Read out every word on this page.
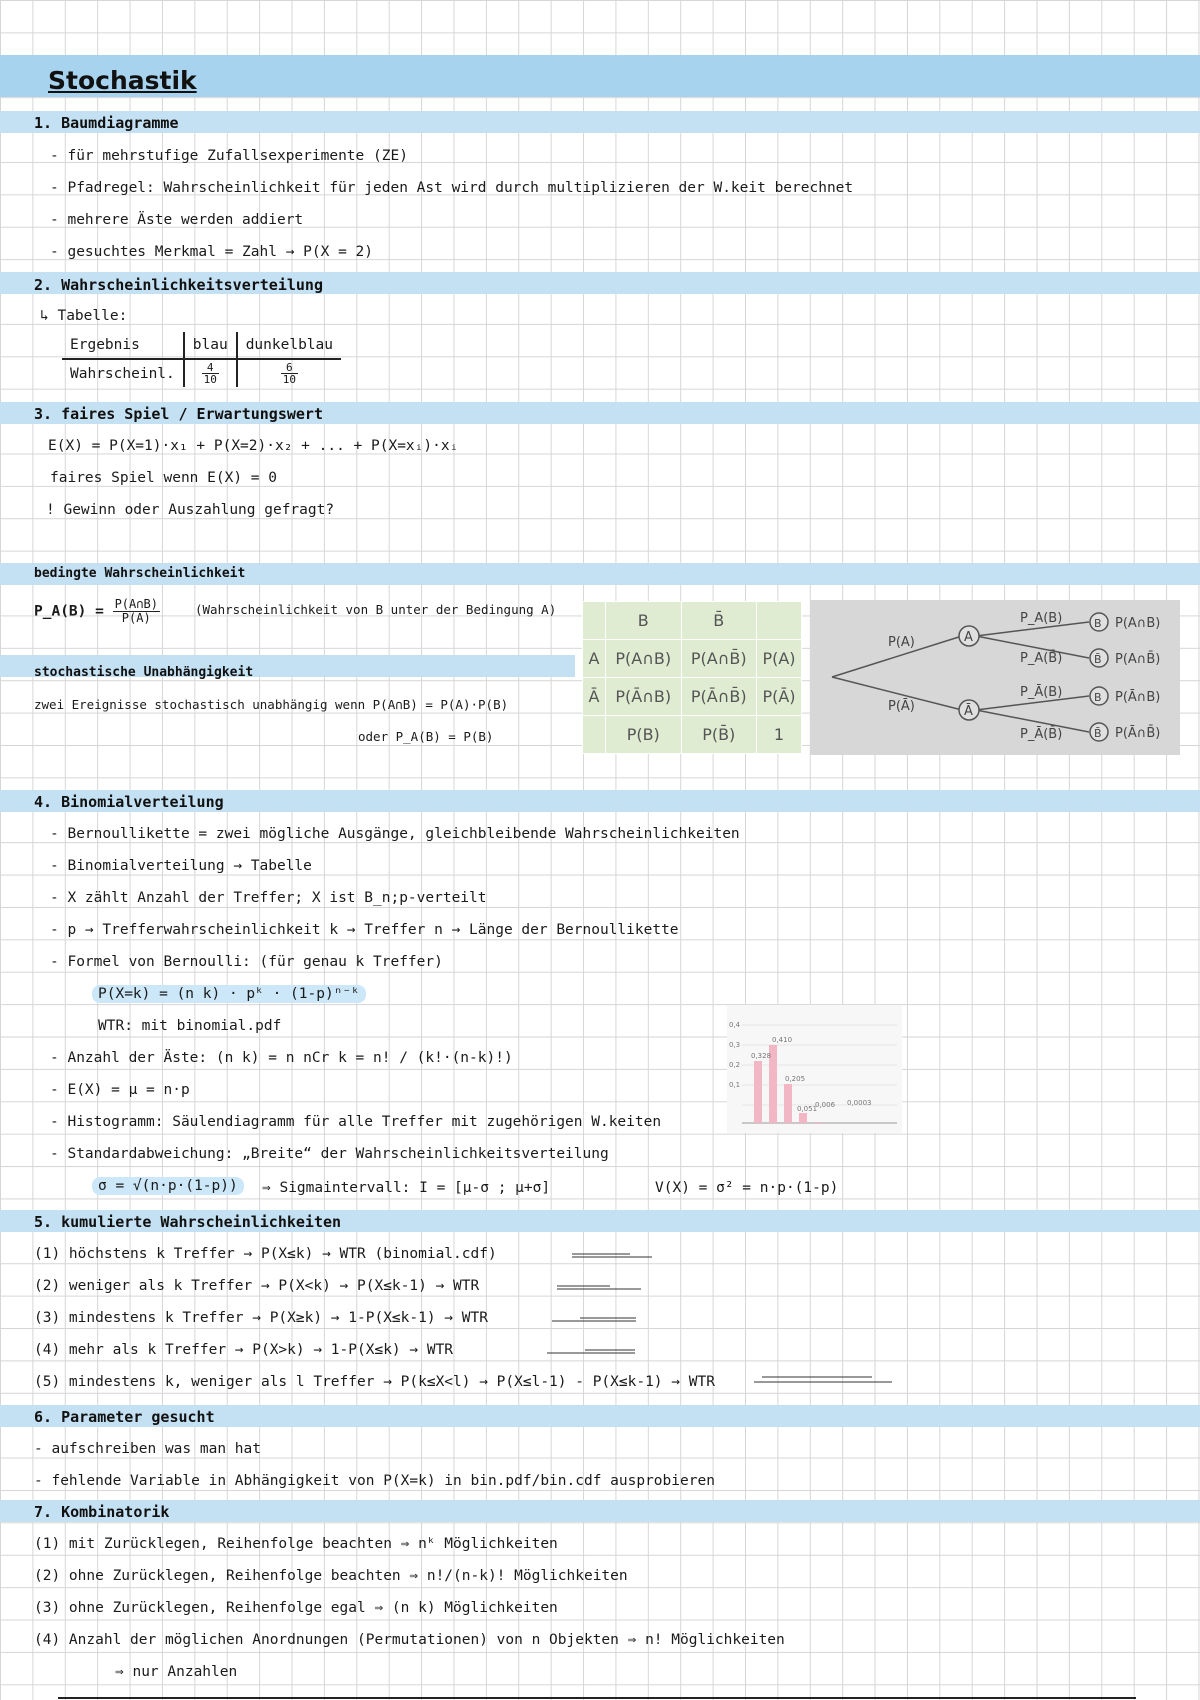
Stochastik
1. Baumdiagramme
- für mehrstufige Zufallsexperimente (ZE)
- Pfadregel: Wahrscheinlichkeit für jeden Ast wird durch multiplizieren der W.keit berechnet
- mehrere Äste werden addiert
- gesuchtes Merkmal = Zahl → P(X = 2)
2. Wahrscheinlichkeitsverteilung
↳ Tabelle:
Ergebnis	blau	dunkelblau
Wahrscheinl.	$\frac{4}{10}$	$\frac{6}{10}$
3. faires Spiel / Erwartungswert
E(X) = P(X=1)·x₁ + P(X=2)·x₂ + ... + P(X=xᵢ)·xᵢ
faires Spiel wenn E(X) = 0
! Gewinn oder Auszahlung gefragt?
bedingte Wahrscheinlichkeit
P_A(B) = $\frac{P(A\cap B)}{P(A)}$	(Wahrscheinlichkeit von B unter der Bedingung A)
stochastische Unabhängigkeit
zwei Ereignisse stochastisch unabhängig wenn P(A∩B) = P(A)·P(B)
oder P_A(B) = P(B)
	B	B̄	
A	P(A∩B)	P(A∩B̄)	P(A)
Ā	P(Ā∩B)	P(Ā∩B̄)	P(Ā)
	P(B)	P(B̄)	1
P(A)
P(Ā)
A
Ā
P_A(B)
P_A(B̄)
P_Ā(B)
P_Ā(B̄)
B
B̄
B
B̄
P(A∩B)
P(A∩B̄)
P(Ā∩B)
P(Ā∩B̄)
4. Binomialverteilung
- Bernoullikette = zwei mögliche Ausgänge, gleichbleibende Wahrscheinlichkeiten
- Binomialverteilung → Tabelle
- X zählt Anzahl der Treffer; X ist B_n;p-verteilt
- p → Trefferwahrscheinlichkeit k → Treffer n → Länge der Bernoullikette
- Formel von Bernoulli: (für genau k Treffer)
P(X=k) = (n k) · pᵏ · (1-p)ⁿ⁻ᵏ
WTR: mit binomial.pdf
- Anzahl der Äste: (n k) = n nCr k = n! / (k!·(n-k)!)
- E(X) = μ = n·p
- Histogramm: Säulendiagramm für alle Treffer mit zugehörigen W.keiten
- Standardabweichung: „Breite“ der Wahrscheinlichkeitsverteilung
σ = √(n·p·(1-p))	⇒ Sigmaintervall: I = [μ-σ ; μ+σ]	V(X) = σ² = n·p·(1-p)
0,4
0,3
0,2
0,1
0,328
0,410
0,205
0,051
0,006 0,0003
5. kumulierte Wahrscheinlichkeiten
(1) höchstens k Treffer → P(X≤k) → WTR (binomial.cdf)
(2) weniger als k Treffer → P(X<k) → P(X≤k-1) → WTR
(3) mindestens k Treffer → P(X≥k) → 1-P(X≤k-1) → WTR
(4) mehr als k Treffer → P(X>k) → 1-P(X≤k) → WTR
(5) mindestens k, weniger als l Treffer → P(k≤X<l) → P(X≤l-1) - P(X≤k-1) → WTR
6. Parameter gesucht
- aufschreiben was man hat
- fehlende Variable in Abhängigkeit von P(X=k) in bin.pdf/bin.cdf ausprobieren
7. Kombinatorik
(1) mit Zurücklegen, Reihenfolge beachten ⇒ nᵏ Möglichkeiten
(2) ohne Zurücklegen, Reihenfolge beachten ⇒ n!/(n-k)! Möglichkeiten
(3) ohne Zurücklegen, Reihenfolge egal ⇒ (n k) Möglichkeiten
(4) Anzahl der möglichen Anordnungen (Permutationen) von n Objekten ⇒ n! Möglichkeiten
⇒ nur Anzahlen
